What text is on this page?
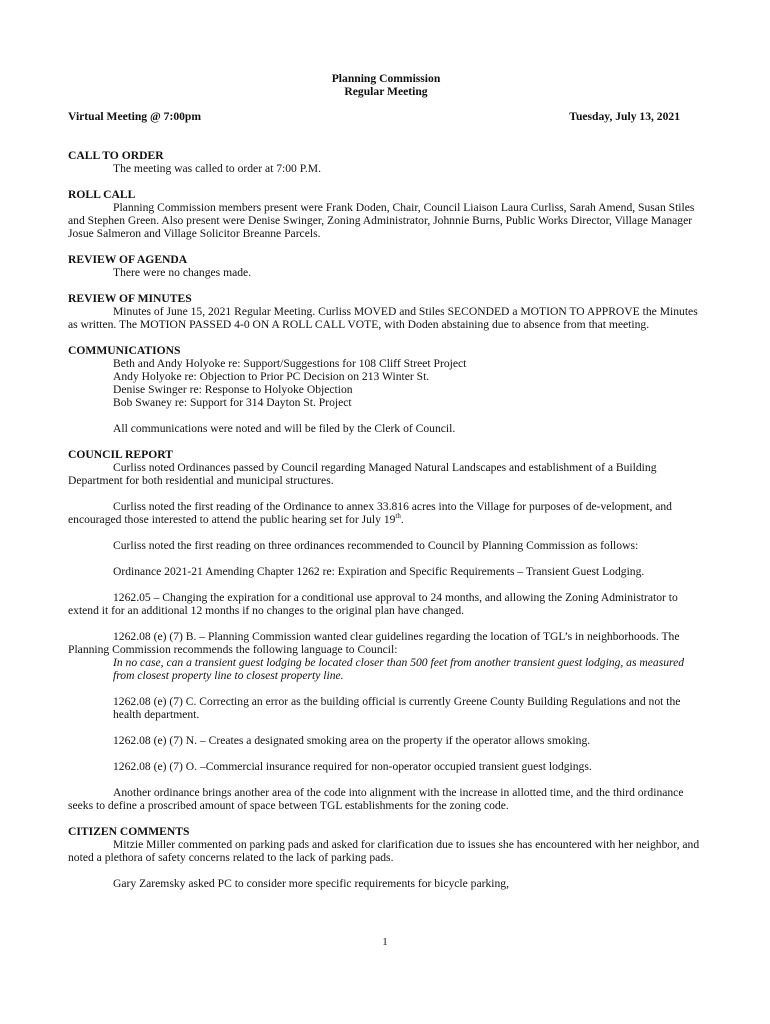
Planning Commission
Regular Meeting
Virtual Meeting @ 7:00pm	Tuesday, July 13, 2021
CALL TO ORDER

The meeting was called to order at 7:00 P.M.

ROLL CALL

Planning Commission members present were Frank Doden, Chair, Council Liaison Laura Curliss, Sarah Amend, Susan Stiles and Stephen Green. Also present were Denise Swinger, Zoning Administrator, Johnnie Burns, Public Works Director, Village Manager Josue Salmeron and Village Solicitor Breanne Parcels.

REVIEW OF AGENDA

There were no changes made.

REVIEW OF MINUTES

Minutes of June 15, 2021 Regular Meeting. Curliss MOVED and Stiles SECONDED a MOTION TO APPROVE the Minutes as written. The MOTION PASSED 4-0 ON A ROLL CALL VOTE, with Doden abstaining due to absence from that meeting.

COMMUNICATIONS

Beth and Andy Holyoke re: Support/Suggestions for 108 Cliff Street Project

Andy Holyoke re: Objection to Prior PC Decision on 213 Winter St.

Denise Swinger re: Response to Holyoke Objection

Bob Swaney re: Support for 314 Dayton St. Project

All communications were noted and will be filed by the Clerk of Council.

COUNCIL REPORT

Curliss noted Ordinances passed by Council regarding Managed Natural Landscapes and establishment of a Building Department for both residential and municipal structures.

Curliss noted the first reading of the Ordinance to annex 33.816 acres into the Village for purposes of de-velopment, and encouraged those interested to attend the public hearing set for July 19th.

Curliss noted the first reading on three ordinances recommended to Council by Planning Commission as follows:

Ordinance 2021-21 Amending Chapter 1262 re: Expiration and Specific Requirements – Transient Guest Lodging.

1262.05 – Changing the expiration for a conditional use approval to 24 months, and allowing the Zoning Administrator to extend it for an additional 12 months if no changes to the original plan have changed.

1262.08 (e) (7) B. – Planning Commission wanted clear guidelines regarding the location of TGL’s in neighborhoods. The Planning Commission recommends the following language to Council:

In no case, can a transient guest lodging be located closer than 500 feet from another transient guest lodging, as measured from closest property line to closest property line.

1262.08 (e) (7) C. Correcting an error as the building official is currently Greene County Building Regulations and not the health department.

1262.08 (e) (7) N. – Creates a designated smoking area on the property if the operator allows smoking.

1262.08 (e) (7) O. –Commercial insurance required for non-operator occupied transient guest lodgings.

Another ordinance brings another area of the code into alignment with the increase in allotted time, and the third ordinance seeks to define a proscribed amount of space between TGL establishments for the zoning code.

CITIZEN COMMENTS

Mitzie Miller commented on parking pads and asked for clarification due to issues she has encountered with her neighbor, and noted a plethora of safety concerns related to the lack of parking pads.

Gary Zaremsky asked PC to consider more specific requirements for bicycle parking,

1
